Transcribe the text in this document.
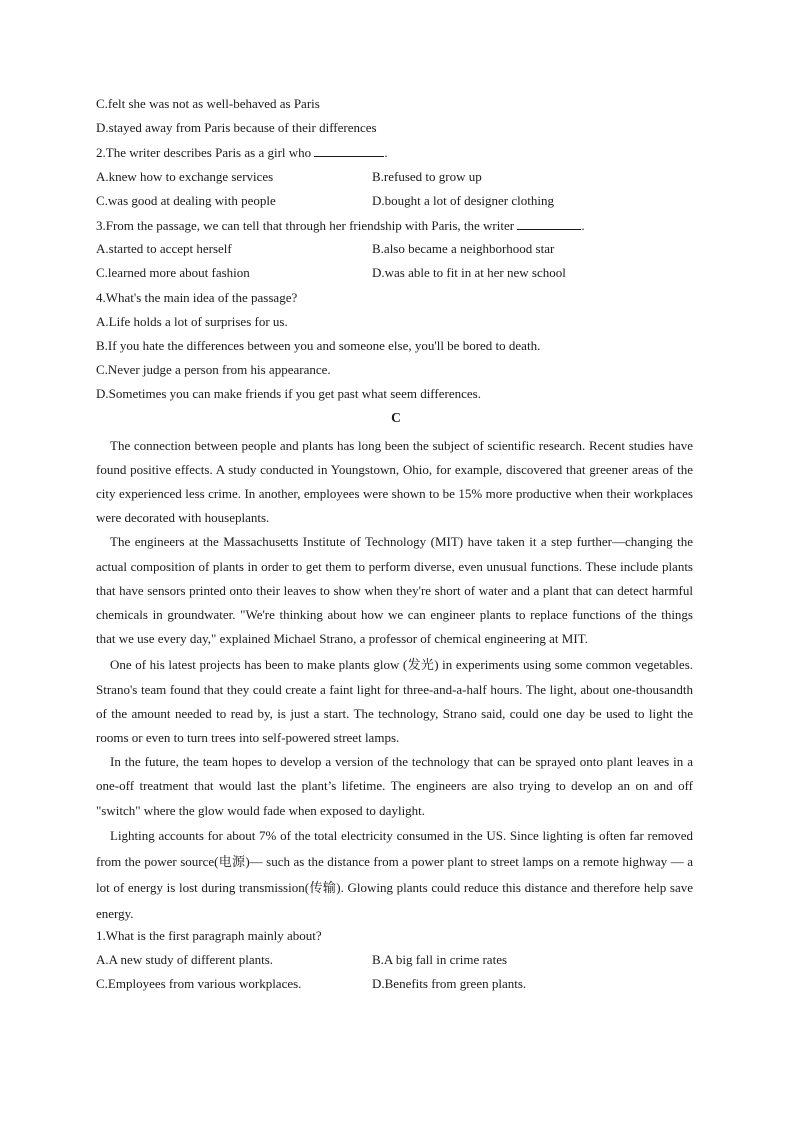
C.felt she was not as well-behaved as Paris
D.stayed away from Paris because of their differences
2.The writer describes Paris as a girl who	.
A.knew how to exchange services	B.refused to grow up
C.was good at dealing with people	D.bought a lot of designer clothing
3.From the passage, we can tell that through her friendship with Paris, the writer	.
A.started to accept herself	B.also became a neighborhood star
C.learned more about fashion	D.was able to fit in at her new school
4.What's the main idea of the passage?
A.Life holds a lot of surprises for us.
B.If you hate the differences between you and someone else, you'll be bored to death.
C.Never judge a person from his appearance.
D.Sometimes you can make friends if you get past what seem differences.
C

The connection between people and plants has long been the subject of scientific research. Recent studies have found positive effects. A study conducted in Youngstown, Ohio, for example, discovered that greener areas of the city experienced less crime. In another, employees were shown to be 15% more productive when their workplaces were decorated with houseplants.

The engineers at the Massachusetts Institute of Technology (MIT) have taken it a step further—changing the actual composition of plants in order to get them to perform diverse, even unusual functions. These include plants that have sensors printed onto their leaves to show when they're short of water and a plant that can detect harmful chemicals in groundwater. "We're thinking about how we can engineer plants to replace functions of the things that we use every day," explained Michael Strano, a professor of chemical engineering at MIT.

One of his latest projects has been to make plants glow (发光) in experiments using some common vegetables. Strano's team found that they could create a faint light for three-and-a-half hours. The light, about one-thousandth of the amount needed to read by, is just a start. The technology, Strano said, could one day be used to light the rooms or even to turn trees into self-powered street lamps.

In the future, the team hopes to develop a version of the technology that can be sprayed onto plant leaves in a one-off treatment that would last the plant’s lifetime. The engineers are also trying to develop an on and off "switch" where the glow would fade when exposed to daylight.

Lighting accounts for about 7% of the total electricity consumed in the US. Since lighting is often far removed from the power source(电源)— such as the distance from a power plant to street lamps on a remote highway — a lot of energy is lost during transmission(传输). Glowing plants could reduce this distance and therefore help save energy.

1.What is the first paragraph mainly about?
A.A new study of different plants.	B.A big fall in crime rates
C.Employees from various workplaces.	D.Benefits from green plants.
